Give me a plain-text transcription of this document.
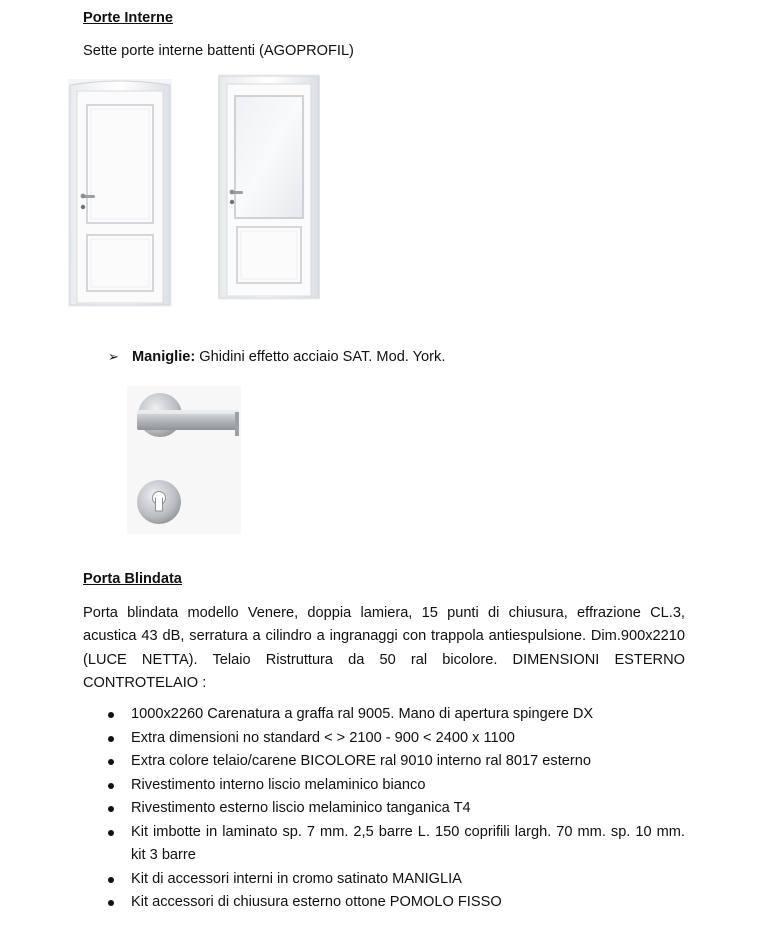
Porte Interne
Sette porte interne battenti (AGOPROFIL)
➢ Maniglie: Ghidini effetto acciaio SAT. Mod. York.
Porta Blindata
Porta blindata modello Venere, doppia lamiera, 15 punti di chiusura, effrazione CL.3, acustica 43 dB, serratura a cilindro a ingranaggi con trappola antiespulsione. Dim.900x2210 (LUCE NETTA). Telaio Ristruttura da 50 ral bicolore. DIMENSIONI ESTERNO CONTROTELAIO :
1000x2260 Carenatura a graffa ral 9005. Mano di apertura spingere DX
Extra dimensioni no standard < > 2100 - 900 < 2400 x 1100
Extra colore telaio/carene BICOLORE ral 9010 interno ral 8017 esterno
Rivestimento interno liscio melaminico bianco
Rivestimento esterno liscio melaminico tanganica T4
Kit imbotte in laminato sp. 7 mm. 2,5 barre L. 150 coprifili largh. 70 mm. sp. 10 mm. kit 3 barre
Kit di accessori interni in cromo satinato MANIGLIA
Kit accessori di chiusura esterno ottone POMOLO FISSO
